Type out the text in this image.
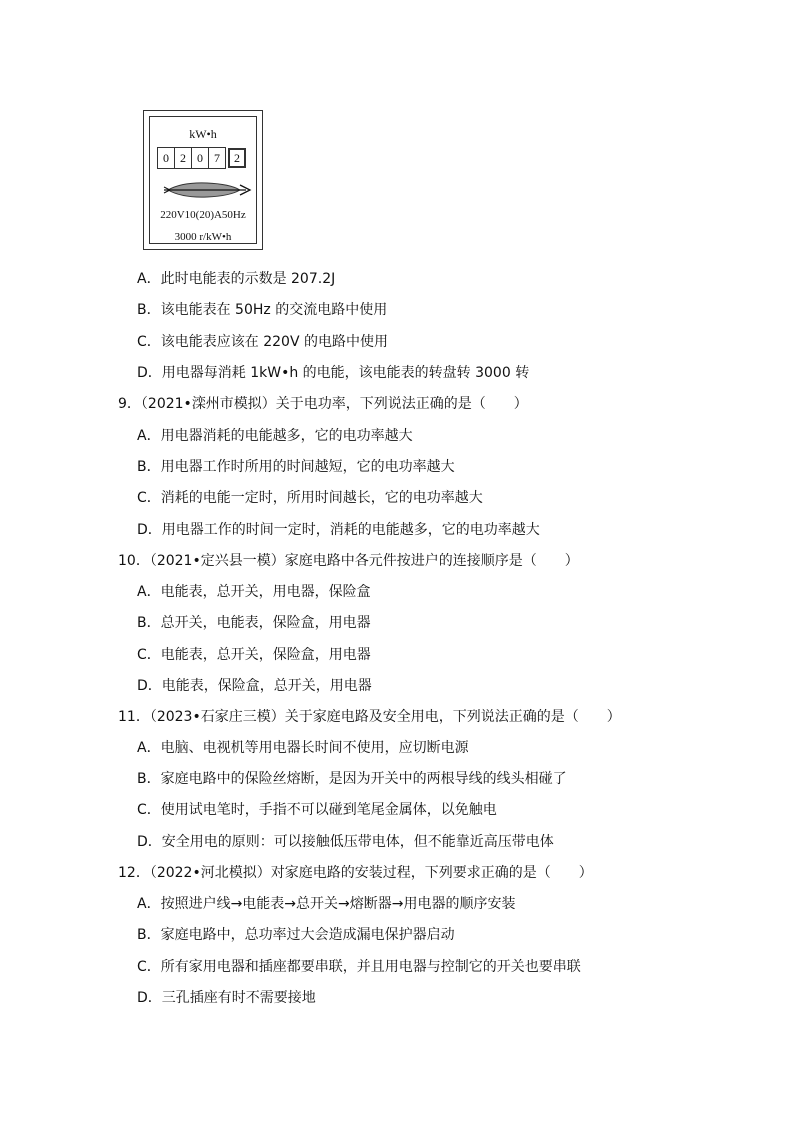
kW•h
0 2 0 7	2
220V10(20)A50Hz
3000 r/kW•h
A．此时电能表的示数是 207.2J
B．该电能表在 50Hz 的交流电路中使用
C．该电能表应该在 220V 的电路中使用
D．用电器每消耗 1kW•h 的电能，该电能表的转盘转 3000 转
9．（2021•滦州市模拟）关于电功率，下列说法正确的是（　　）
A．用电器消耗的电能越多，它的电功率越大
B．用电器工作时所用的时间越短，它的电功率越大
C．消耗的电能一定时，所用时间越长，它的电功率越大
D．用电器工作的时间一定时，消耗的电能越多，它的电功率越大
10．（2021•定兴县一模）家庭电路中各元件按进户的连接顺序是（　　）
A．电能表，总开关，用电器，保险盒
B．总开关，电能表，保险盒，用电器
C．电能表，总开关，保险盒，用电器
D．电能表，保险盒，总开关，用电器
11．（2023•石家庄三模）关于家庭电路及安全用电，下列说法正确的是（　　）
A．电脑、电视机等用电器长时间不使用，应切断电源
B．家庭电路中的保险丝熔断，是因为开关中的两根导线的线头相碰了
C．使用试电笔时，手指不可以碰到笔尾金属体，以免触电
D．安全用电的原则：可以接触低压带电体，但不能靠近高压带电体
12．（2022•河北模拟）对家庭电路的安装过程，下列要求正确的是（　　）
A．按照进户线→电能表→总开关→熔断器→用电器的顺序安装
B．家庭电路中，总功率过大会造成漏电保护器启动
C．所有家用电器和插座都要串联，并且用电器与控制它的开关也要串联
D．三孔插座有时不需要接地
